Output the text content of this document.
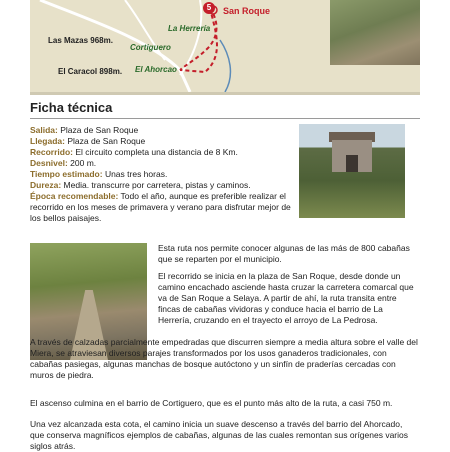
5	San Roque
La Herrería
Las Mazas 968m.
Cortiguero
El Caracol 898m. El Ahorcao
Ficha técnica

Salida: Plaza de San Roque

Llegada: Plaza de San Roque

Recorrido: El circuito completa una distancia de 8 Km.

Desnivel: 200 m.

Tiempo estimado: Unas tres horas.

Dureza: Media. transcurre por carretera, pistas y caminos.

Época recomendable: Todo el año, aunque es preferible realizar el recorrido en los meses de primavera y verano para disfrutar mejor de los bellos paisajes.

Esta ruta nos permite conocer algunas de las más de 800 cabañas que se reparten por el municipio.

El recorrido se inicia en la plaza de San Roque, desde donde un camino encachado asciende hasta cruzar la carretera comarcal que va de San Roque a Selaya. A partir de ahí, la ruta transita entre fincas de cabañas vividoras y conduce hacia el barrio de La Herrería, cruzando en el trayecto el arroyo de La Pedrosa.

A través de calzadas parcialmente empedradas que discurren siempre a media altura sobre el valle del Miera, se atraviesan diversos parajes transformados por los usos ganaderos tradicionales, con cabañas pasiegas, algunas manchas de bosque autóctono y un sinfín de praderías cercadas con muros de piedra.

El ascenso culmina en el barrio de Cortiguero, que es el punto más alto de la ruta, a casi 750 m.

Una vez alcanzada esta cota, el camino inicia un suave descenso a través del barrio del Ahorcado, que conserva magníficos ejemplos de cabañas, algunas de las cuales remontan sus orígenes varios siglos atrás.
